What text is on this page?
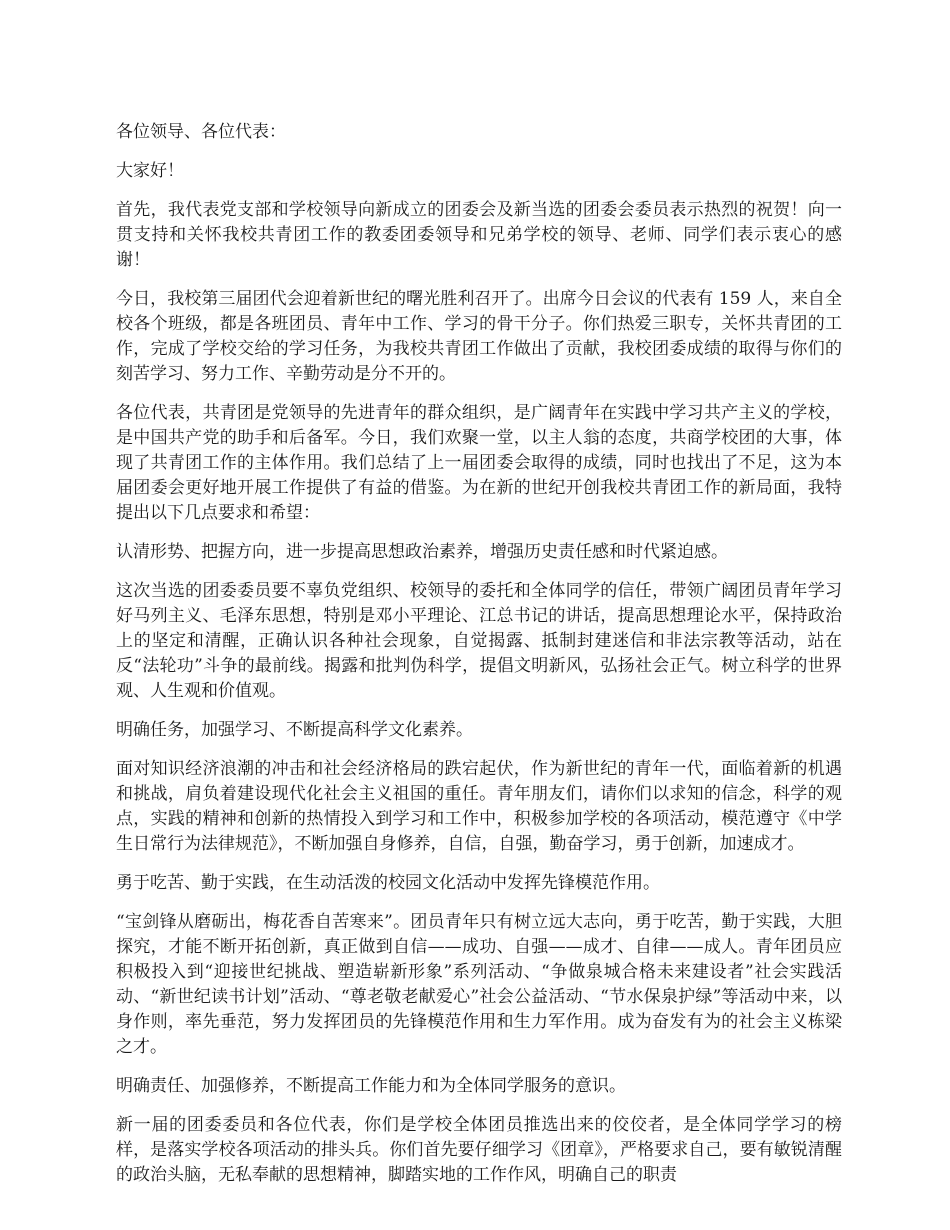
各位领导、各位代表：

大家好！

首先，我代表党支部和学校领导向新成立的团委会及新当选的团委会委员表示热烈的祝贺！向一贯支持和关怀我校共青团工作的教委团委领导和兄弟学校的领导、老师、同学们表示衷心的感谢！

今日，我校第三届团代会迎着新世纪的曙光胜利召开了。出席今日会议的代表有 159 人，来自全校各个班级，都是各班团员、青年中工作、学习的骨干分子。你们热爱三职专，关怀共青团的工作，完成了学校交给的学习任务，为我校共青团工作做出了贡献，我校团委成绩的取得与你们的刻苦学习、努力工作、辛勤劳动是分不开的。

各位代表，共青团是党领导的先进青年的群众组织，是广阔青年在实践中学习共产主义的学校，是中国共产党的助手和后备军。今日，我们欢聚一堂，以主人翁的态度，共商学校团的大事，体现了共青团工作的主体作用。我们总结了上一届团委会取得的成绩，同时也找出了不足，这为本届团委会更好地开展工作提供了有益的借鉴。为在新的世纪开创我校共青团工作的新局面，我特提出以下几点要求和希望：

认清形势、把握方向，进一步提高思想政治素养，增强历史责任感和时代紧迫感。

这次当选的团委委员要不辜负党组织、校领导的委托和全体同学的信任，带领广阔团员青年学习好马列主义、毛泽东思想，特别是邓小平理论、江总书记的讲话，提高思想理论水平，保持政治上的坚定和清醒，正确认识各种社会现象，自觉揭露、抵制封建迷信和非法宗教等活动，站在反“法轮功”斗争的最前线。揭露和批判伪科学，提倡文明新风，弘扬社会正气。树立科学的世界观、人生观和价值观。

明确任务，加强学习、不断提高科学文化素养。

面对知识经济浪潮的冲击和社会经济格局的跌宕起伏，作为新世纪的青年一代，面临着新的机遇和挑战，肩负着建设现代化社会主义祖国的重任。青年朋友们，请你们以求知的信念，科学的观点，实践的精神和创新的热情投入到学习和工作中，积极参加学校的各项活动，模范遵守《中学生日常行为法律规范》，不断加强自身修养，自信，自强，勤奋学习，勇于创新，加速成才。

勇于吃苦、勤于实践，在生动活泼的校园文化活动中发挥先锋模范作用。

“宝剑锋从磨砺出，梅花香自苦寒来”。团员青年只有树立远大志向，勇于吃苦，勤于实践，大胆探究，才能不断开拓创新，真正做到自信——成功、自强——成才、自律——成人。青年团员应积极投入到“迎接世纪挑战、塑造崭新形象”系列活动、“争做泉城合格未来建设者”社会实践活动、“新世纪读书计划”活动、“尊老敬老献爱心”社会公益活动、“节水保泉护绿”等活动中来，以身作则，率先垂范，努力发挥团员的先锋模范作用和生力军作用。成为奋发有为的社会主义栋梁之才。

明确责任、加强修养，不断提高工作能力和为全体同学服务的意识。

新一届的团委委员和各位代表，你们是学校全体团员推选出来的佼佼者，是全体同学学习的榜样，是落实学校各项活动的排头兵。你们首先要仔细学习《团章》，严格要求自己，要有敏锐清醒的政治头脑，无私奉献的思想精神，脚踏实地的工作作风，明确自己的职责
